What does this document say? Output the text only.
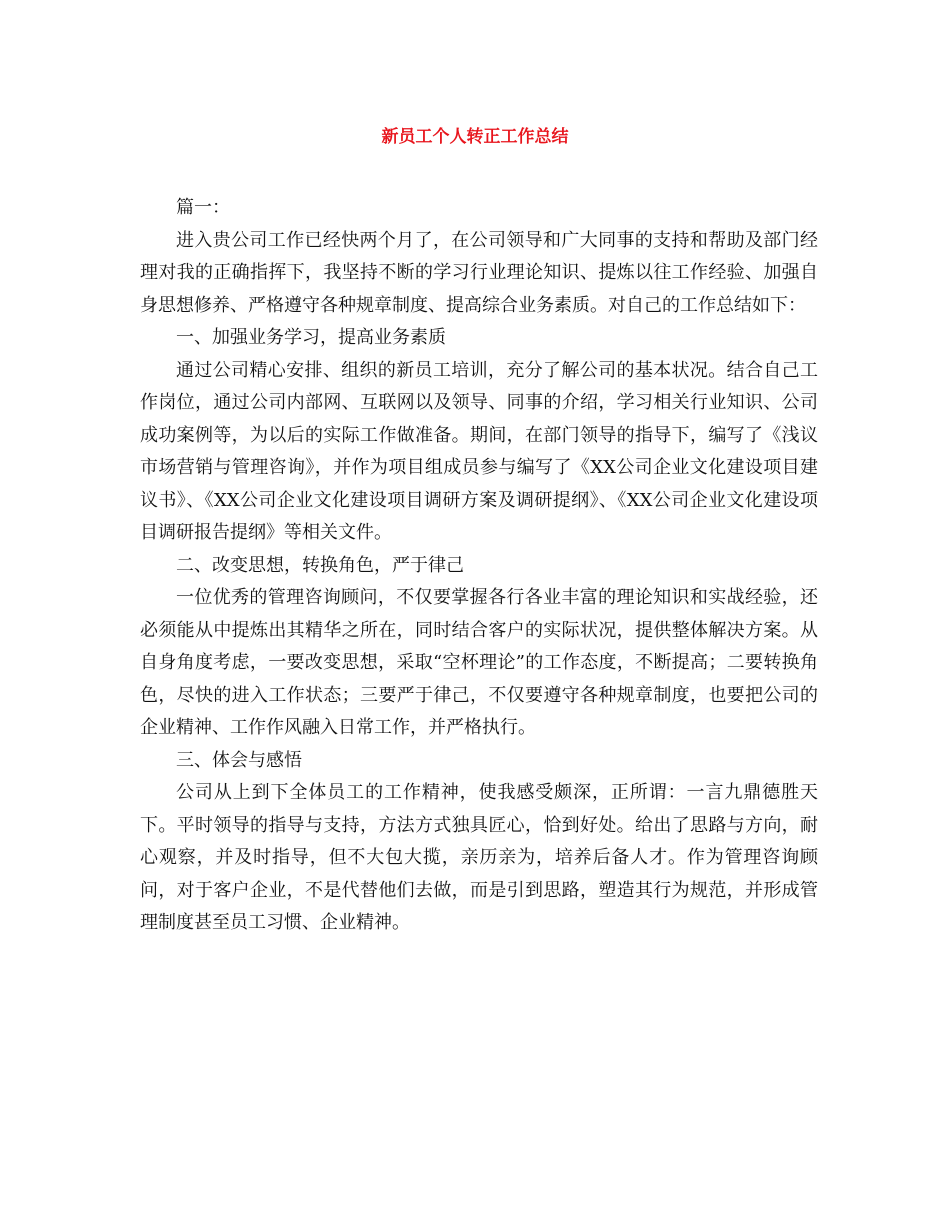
新员工个人转正工作总结

篇一：

进入贵公司工作已经快两个月了，在公司领导和广大同事的支持和帮助及部门经理对我的正确指挥下，我坚持不断的学习行业理论知识、提炼以往工作经验、加强自身思想修养、严格遵守各种规章制度、提高综合业务素质。对自己的工作总结如下：

一、加强业务学习，提高业务素质

通过公司精心安排、组织的新员工培训，充分了解公司的基本状况。结合自己工作岗位，通过公司内部网、互联网以及领导、同事的介绍，学习相关行业知识、公司成功案例等，为以后的实际工作做准备。期间，在部门领导的指导下，编写了《浅议市场营销与管理咨询》，并作为项目组成员参与编写了《XX公司企业文化建设项目建议书》、《XX公司企业文化建设项目调研方案及调研提纲》、《XX公司企业文化建设项目调研报告提纲》等相关文件。

二、改变思想，转换角色，严于律己

一位优秀的管理咨询顾问，不仅要掌握各行各业丰富的理论知识和实战经验，还必须能从中提炼出其精华之所在，同时结合客户的实际状况，提供整体解决方案。从自身角度考虑，一要改变思想，采取“空杯理论”的工作态度，不断提高；二要转换角色，尽快的进入工作状态；三要严于律己，不仅要遵守各种规章制度，也要把公司的企业精神、工作作风融入日常工作，并严格执行。

三、体会与感悟

公司从上到下全体员工的工作精神，使我感受颇深，正所谓：一言九鼎德胜天下。平时领导的指导与支持，方法方式独具匠心，恰到好处。给出了思路与方向，耐心观察，并及时指导，但不大包大揽，亲历亲为，培养后备人才。作为管理咨询顾问，对于客户企业，不是代替他们去做，而是引到思路，塑造其行为规范，并形成管理制度甚至员工习惯、企业精神。
